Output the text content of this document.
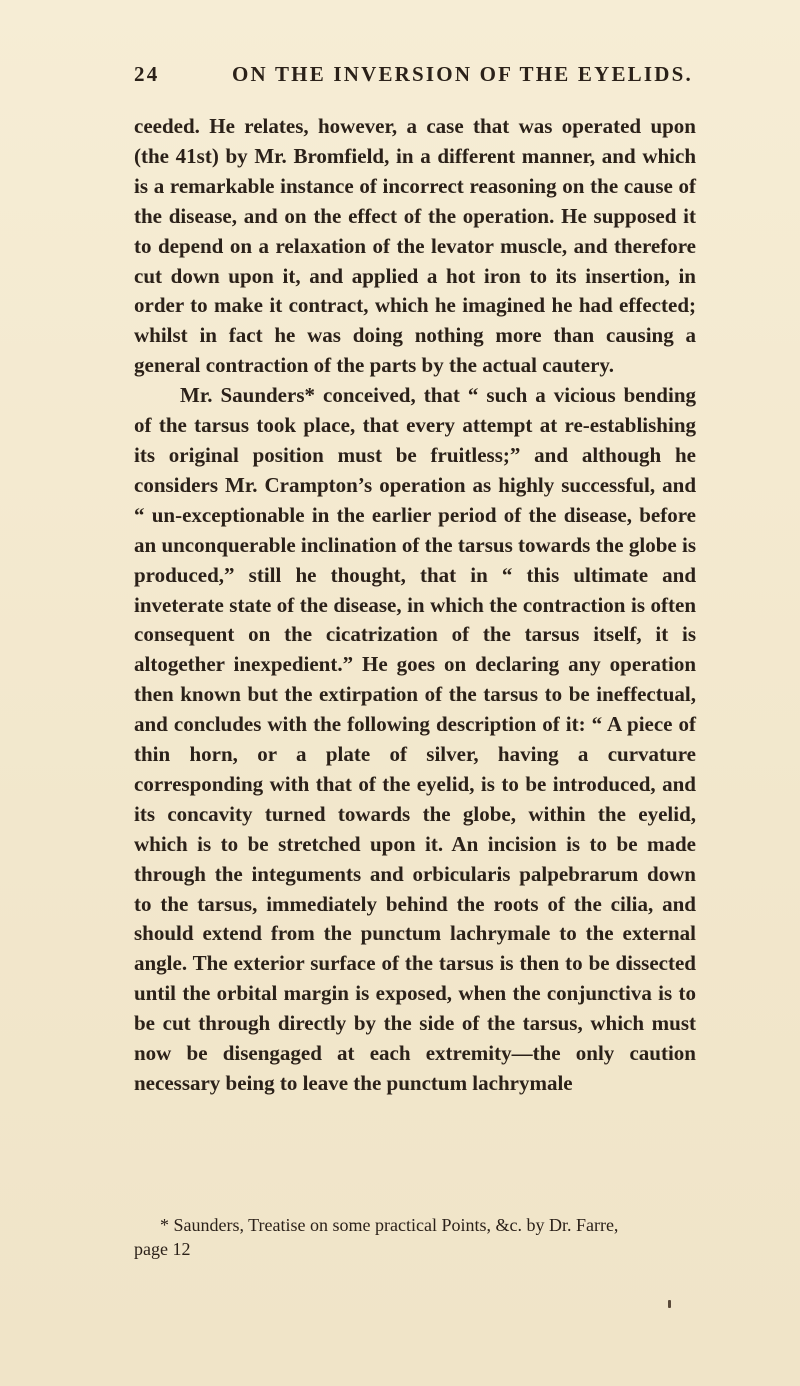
24	ON THE INVERSION OF THE EYELIDS.

ceeded. He relates, however, a case that was operated upon (the 41st) by Mr. Bromfield, in a different manner, and which is a remarkable instance of incorrect reasoning on the cause of the disease, and on the effect of the operation. He supposed it to depend on a relaxation of the levator muscle, and therefore cut down upon it, and applied a hot iron to its insertion, in order to make it contract, which he imagined he had effected; whilst in fact he was doing nothing more than causing a general contraction of the parts by the actual cautery.

Mr. Saunders* conceived, that “ such a vicious bending of the tarsus took place, that every attempt at re-establishing its original position must be fruitless;” and although he considers Mr. Crampton’s operation as highly successful, and “ un-exceptionable in the earlier period of the disease, before an unconquerable inclination of the tarsus towards the globe is produced,” still he thought, that in “ this ultimate and inveterate state of the disease, in which the contraction is often consequent on the cicatrization of the tarsus itself, it is altogether inexpedient.” He goes on declaring any operation then known but the extirpation of the tarsus to be ineffectual, and concludes with the following description of it: “ A piece of thin horn, or a plate of silver, having a curvature corresponding with that of the eyelid, is to be introduced, and its concavity turned towards the globe, within the eyelid, which is to be stretched upon it. An incision is to be made through the integuments and orbicularis palpebrarum down to the tarsus, immediately behind the roots of the cilia, and should extend from the punctum lachrymale to the external angle. The exterior surface of the tarsus is then to be dissected until the orbital margin is exposed, when the conjunctiva is to be cut through directly by the side of the tarsus, which must now be disengaged at each extremity—the only caution necessary being to leave the punctum lachrymale

* Saunders, Treatise on some practical Points, &c. by Dr. Farre,
page 12
